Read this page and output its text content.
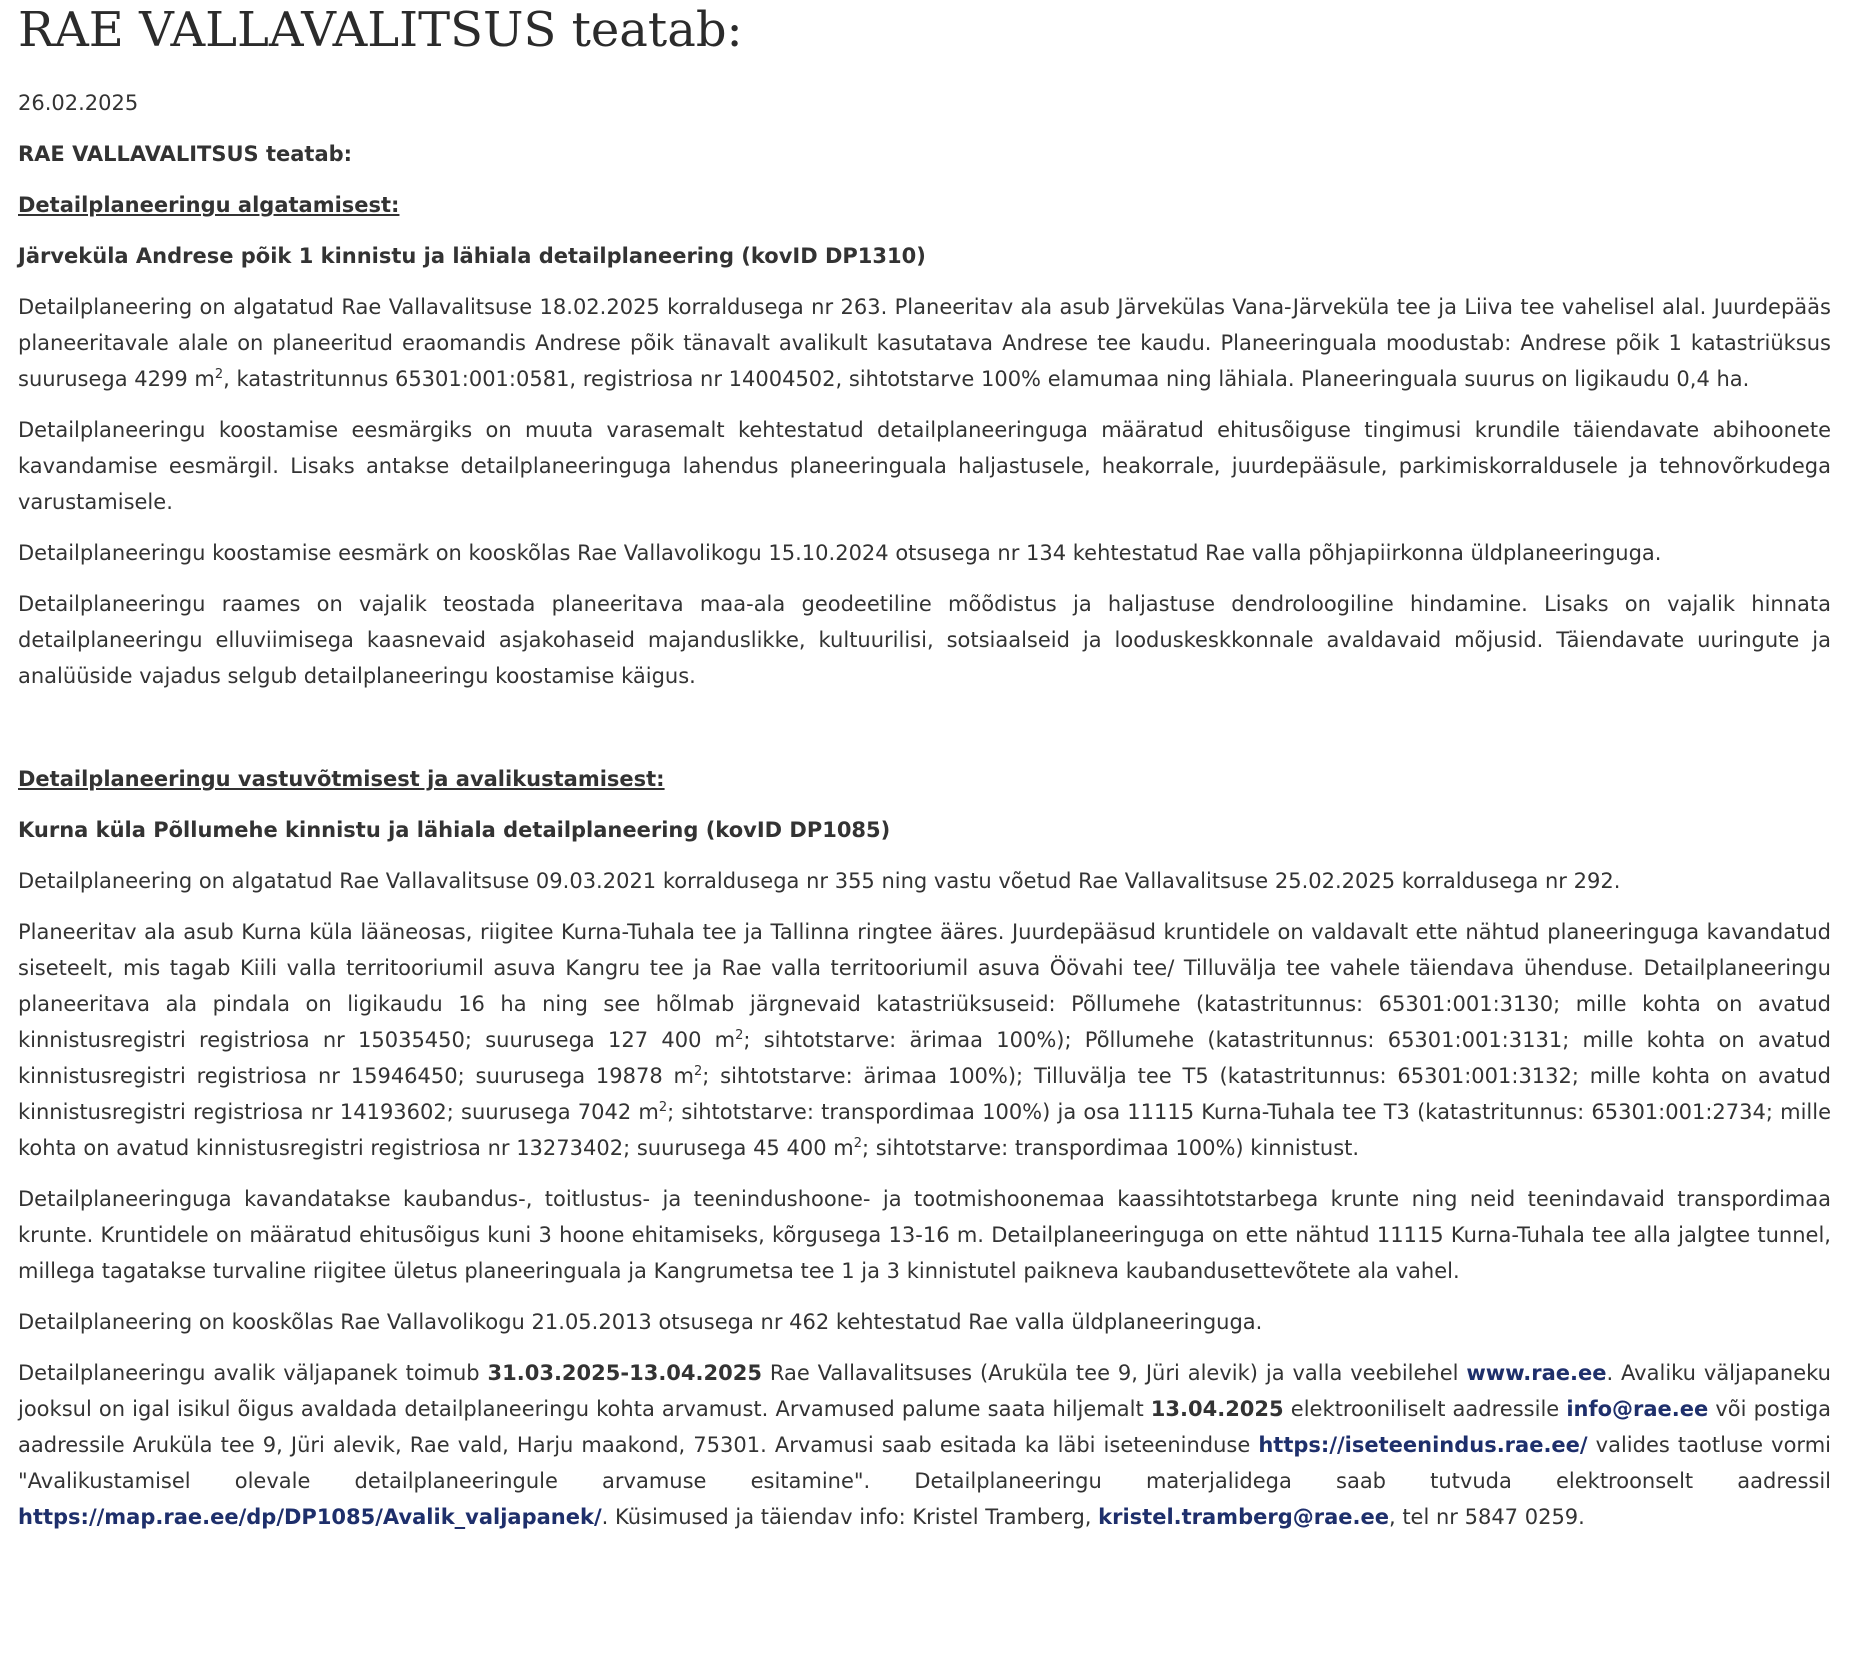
RAE VALLAVALITSUS teatab:

26.02.2025

RAE VALLAVALITSUS teatab:

Detailplaneeringu algatamisest:

Järveküla Andrese põik 1 kinnistu ja lähiala detailplaneering (kovID DP1310)

Detailplaneering on algatatud Rae Vallavalitsuse 18.02.2025 korraldusega nr 263. Planeeritav ala asub Järvekülas Vana-Järveküla tee ja Liiva tee vahelisel alal. Juurdepääs planeeritavale alale on planeeritud eraomandis Andrese põik tänavalt avalikult kasutatava Andrese tee kaudu. Planeeringuala moodustab: Andrese põik 1 katastriüksus suurusega 4299 $m^2$, katastritunnus 65301:001:0581, registriosa nr 14004502, sihtotstarve 100% elamumaa ning lähiala. Planeeringuala suurus on ligikaudu 0,4 ha.

Detailplaneeringu koostamise eesmärgiks on muuta varasemalt kehtestatud detailplaneeringuga määratud ehitusõiguse tingimusi krundile täiendavate abihoonete kavandamise eesmärgil. Lisaks antakse detailplaneeringuga lahendus planeeringuala haljastusele, heakorrale, juurdepääsule, parkimiskorraldusele ja tehnovõrkudega varustamisele.

Detailplaneeringu koostamise eesmärk on kooskõlas Rae Vallavolikogu 15.10.2024 otsusega nr 134 kehtestatud Rae valla põhjapiirkonna üldplaneeringuga.

Detailplaneeringu raames on vajalik teostada planeeritava maa-ala geodeetiline mõõdistus ja haljastuse dendroloogiline hindamine. Lisaks on vajalik hinnata detailplaneeringu elluviimisega kaasnevaid asjakohaseid majanduslikke, kultuurilisi, sotsiaalseid ja looduskeskkonnale avaldavaid mõjusid. Täiendavate uuringute ja analüüside vajadus selgub detailplaneeringu koostamise käigus.

Detailplaneeringu vastuvõtmisest ja avalikustamisest:

Kurna küla Põllumehe kinnistu ja lähiala detailplaneering (kovID DP1085)

Detailplaneering on algatatud Rae Vallavalitsuse 09.03.2021 korraldusega nr 355 ning vastu võetud Rae Vallavalitsuse 25.02.2025 korraldusega nr 292.

Planeeritav ala asub Kurna küla lääneosas, riigitee Kurna-Tuhala tee ja Tallinna ringtee ääres. Juurdepääsud kruntidele on valdavalt ette nähtud planeeringuga kavandatud siseteelt, mis tagab Kiili valla territooriumil asuva Kangru tee ja Rae valla territooriumil asuva Öövahi tee/ Tilluvälja tee vahele täiendava ühenduse. Detailplaneeringu planeeritava ala pindala on ligikaudu 16 ha ning see hõlmab järgnevaid katastriüksuseid: Põllumehe (katastritunnus: 65301:001:3130; mille kohta on avatud kinnistusregistri registriosa nr 15035450; suurusega 127 400 $m^2$; sihtotstarve: ärimaa 100%); Põllumehe (katastritunnus: 65301:001:3131; mille kohta on avatud kinnistusregistri registriosa nr 15946450; suurusega 19878 $m^2$; sihtotstarve: ärimaa 100%); Tilluvälja tee T5 (katastritunnus: 65301:001:3132; mille kohta on avatud kinnistusregistri registriosa nr 14193602; suurusega 7042 $m^2$; sihtotstarve: transpordimaa 100%) ja osa 11115 Kurna-Tuhala tee T3 (katastritunnus: 65301:001:2734; mille kohta on avatud kinnistusregistri registriosa nr 13273402; suurusega 45 400 $m^2$; sihtotstarve: transpordimaa 100%) kinnistust.

Detailplaneeringuga kavandatakse kaubandus-, toitlustus- ja teenindushoone- ja tootmishoonemaa kaassihtotstarbega krunte ning neid teenindavaid transpordimaa krunte. Kruntidele on määratud ehitusõigus kuni 3 hoone ehitamiseks, kõrgusega 13-16 m. Detailplaneeringuga on ette nähtud 11115 Kurna-Tuhala tee alla jalgtee tunnel, millega tagatakse turvaline riigitee ületus planeeringuala ja Kangrumetsa tee 1 ja 3 kinnistutel paikneva kaubandusettevõtete ala vahel.

Detailplaneering on kooskõlas Rae Vallavolikogu 21.05.2013 otsusega nr 462 kehtestatud Rae valla üldplaneeringuga.

Detailplaneeringu avalik väljapanek toimub 31.03.2025-13.04.2025 Rae Vallavalitsuses (Aruküla tee 9, Jüri alevik) ja valla veebilehel www.rae.ee. Avaliku väljapaneku jooksul on igal isikul õigus avaldada detailplaneeringu kohta arvamust. Arvamused palume saata hiljemalt 13.04.2025 elektrooniliselt aadressile info@rae.ee või postiga aadressile Aruküla tee 9, Jüri alevik, Rae vald, Harju maakond, 75301. Arvamusi saab esitada ka läbi iseteeninduse https://iseteenindus.rae.ee/ valides taotluse vormi "Avalikustamisel olevale detailplaneeringule arvamuse esitamine". Detailplaneeringu materjalidega saab tutvuda elektroonselt aadressil https://map.rae.ee/dp/DP1085/Avalik_valjapanek/. Küsimused ja täiendav info: Kristel Tramberg, kristel.tramberg@rae.ee, tel nr 5847 0259.
